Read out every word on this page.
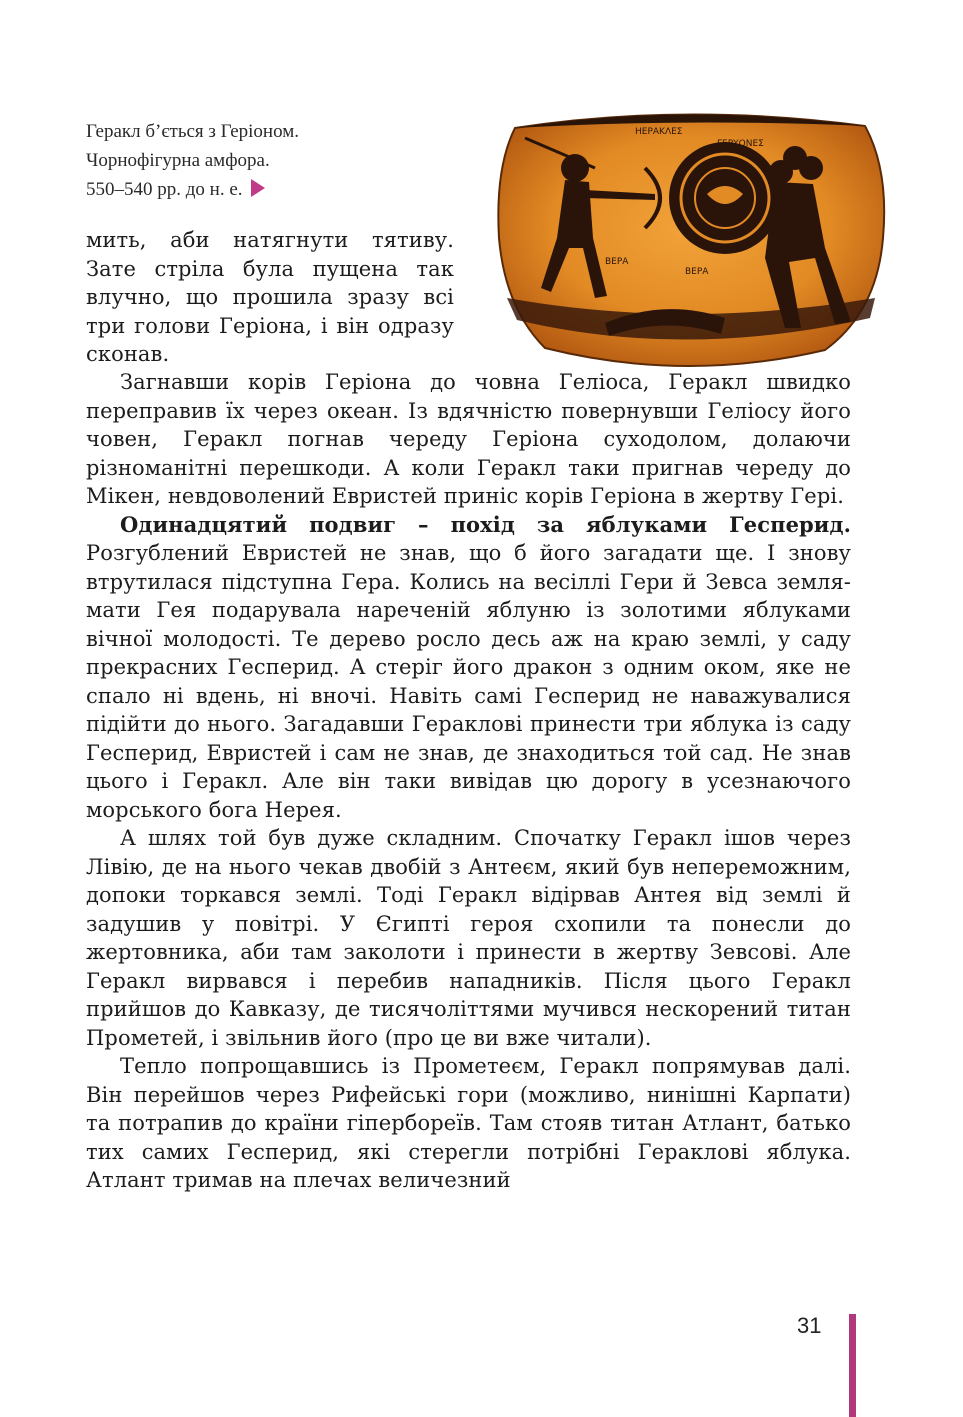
Геракл б’ється з Геріоном.
Чорнофігурна амфора.
550–540 рр. до н. е.
ΗΕΡΑΚΛΕΣ
ΓΕΡΥΟΝΕΣ
ΒΕΡΑ
ΒΕΡΑ

мить, аби натягнути тятиву. Зате стріла була пущена так влучно, що прошила зразу всі три голови Геріона, і він одразу сконав.

Загнавши корів Геріона до човна Геліоса, Геракл швидко переправив їх через океан. Із вдячністю повернувши Геліосу його човен, Геракл погнав череду Геріона суходолом, долаючи різноманітні перешкоди. А коли Геракл таки пригнав череду до Мікен, невдоволений Евристей приніс корів Геріона в жертву Гері.

Одинадцятий подвиг – похід за яблуками Гесперид. Розгублений Евристей не знав, що б його загадати ще. І знову втрутилася підступна Гера. Колись на весіллі Гери й Зевса земля-мати Гея подарувала нареченій яблуню із золотими яблуками вічної молодості. Те дерево росло десь аж на краю землі, у саду прекрасних Гесперид. А стеріг його дракон з одним оком, яке не спало ні вдень, ні вночі. Навіть самі Гесперид не наважувалися підійти до нього. Загадавши Гераклові принести три яблука із саду Гесперид, Евристей і сам не знав, де знаходиться той сад. Не знав цього і Геракл. Але він таки вивідав цю дорогу в усезнаючого морського бога Нерея.

А шлях той був дуже складним. Спочатку Геракл ішов через Лівію, де на нього чекав двобій з Антеєм, який був непереможним, допоки торкався землі. Тоді Геракл відірвав Антея від землі й задушив у повітрі. У Єгипті героя схопили та понесли до жертовника, аби там заколоти і принести в жертву Зевсові. Але Геракл вирвався і перебив нападників. Після цього Геракл прийшов до Кавказу, де тисячоліттями мучився нескорений титан Прометей, і звільнив його (про це ви вже читали).

Тепло попрощавшись із Прометеєм, Геракл попрямував далі. Він перейшов через Рифейські гори (можливо, нинішні Карпати) та потрапив до країни гіпербореїв. Там стояв титан Атлант, батько тих самих Гесперид, які стерегли потрібні Гераклові яблука. Атлант тримав на плечах величезний

31
